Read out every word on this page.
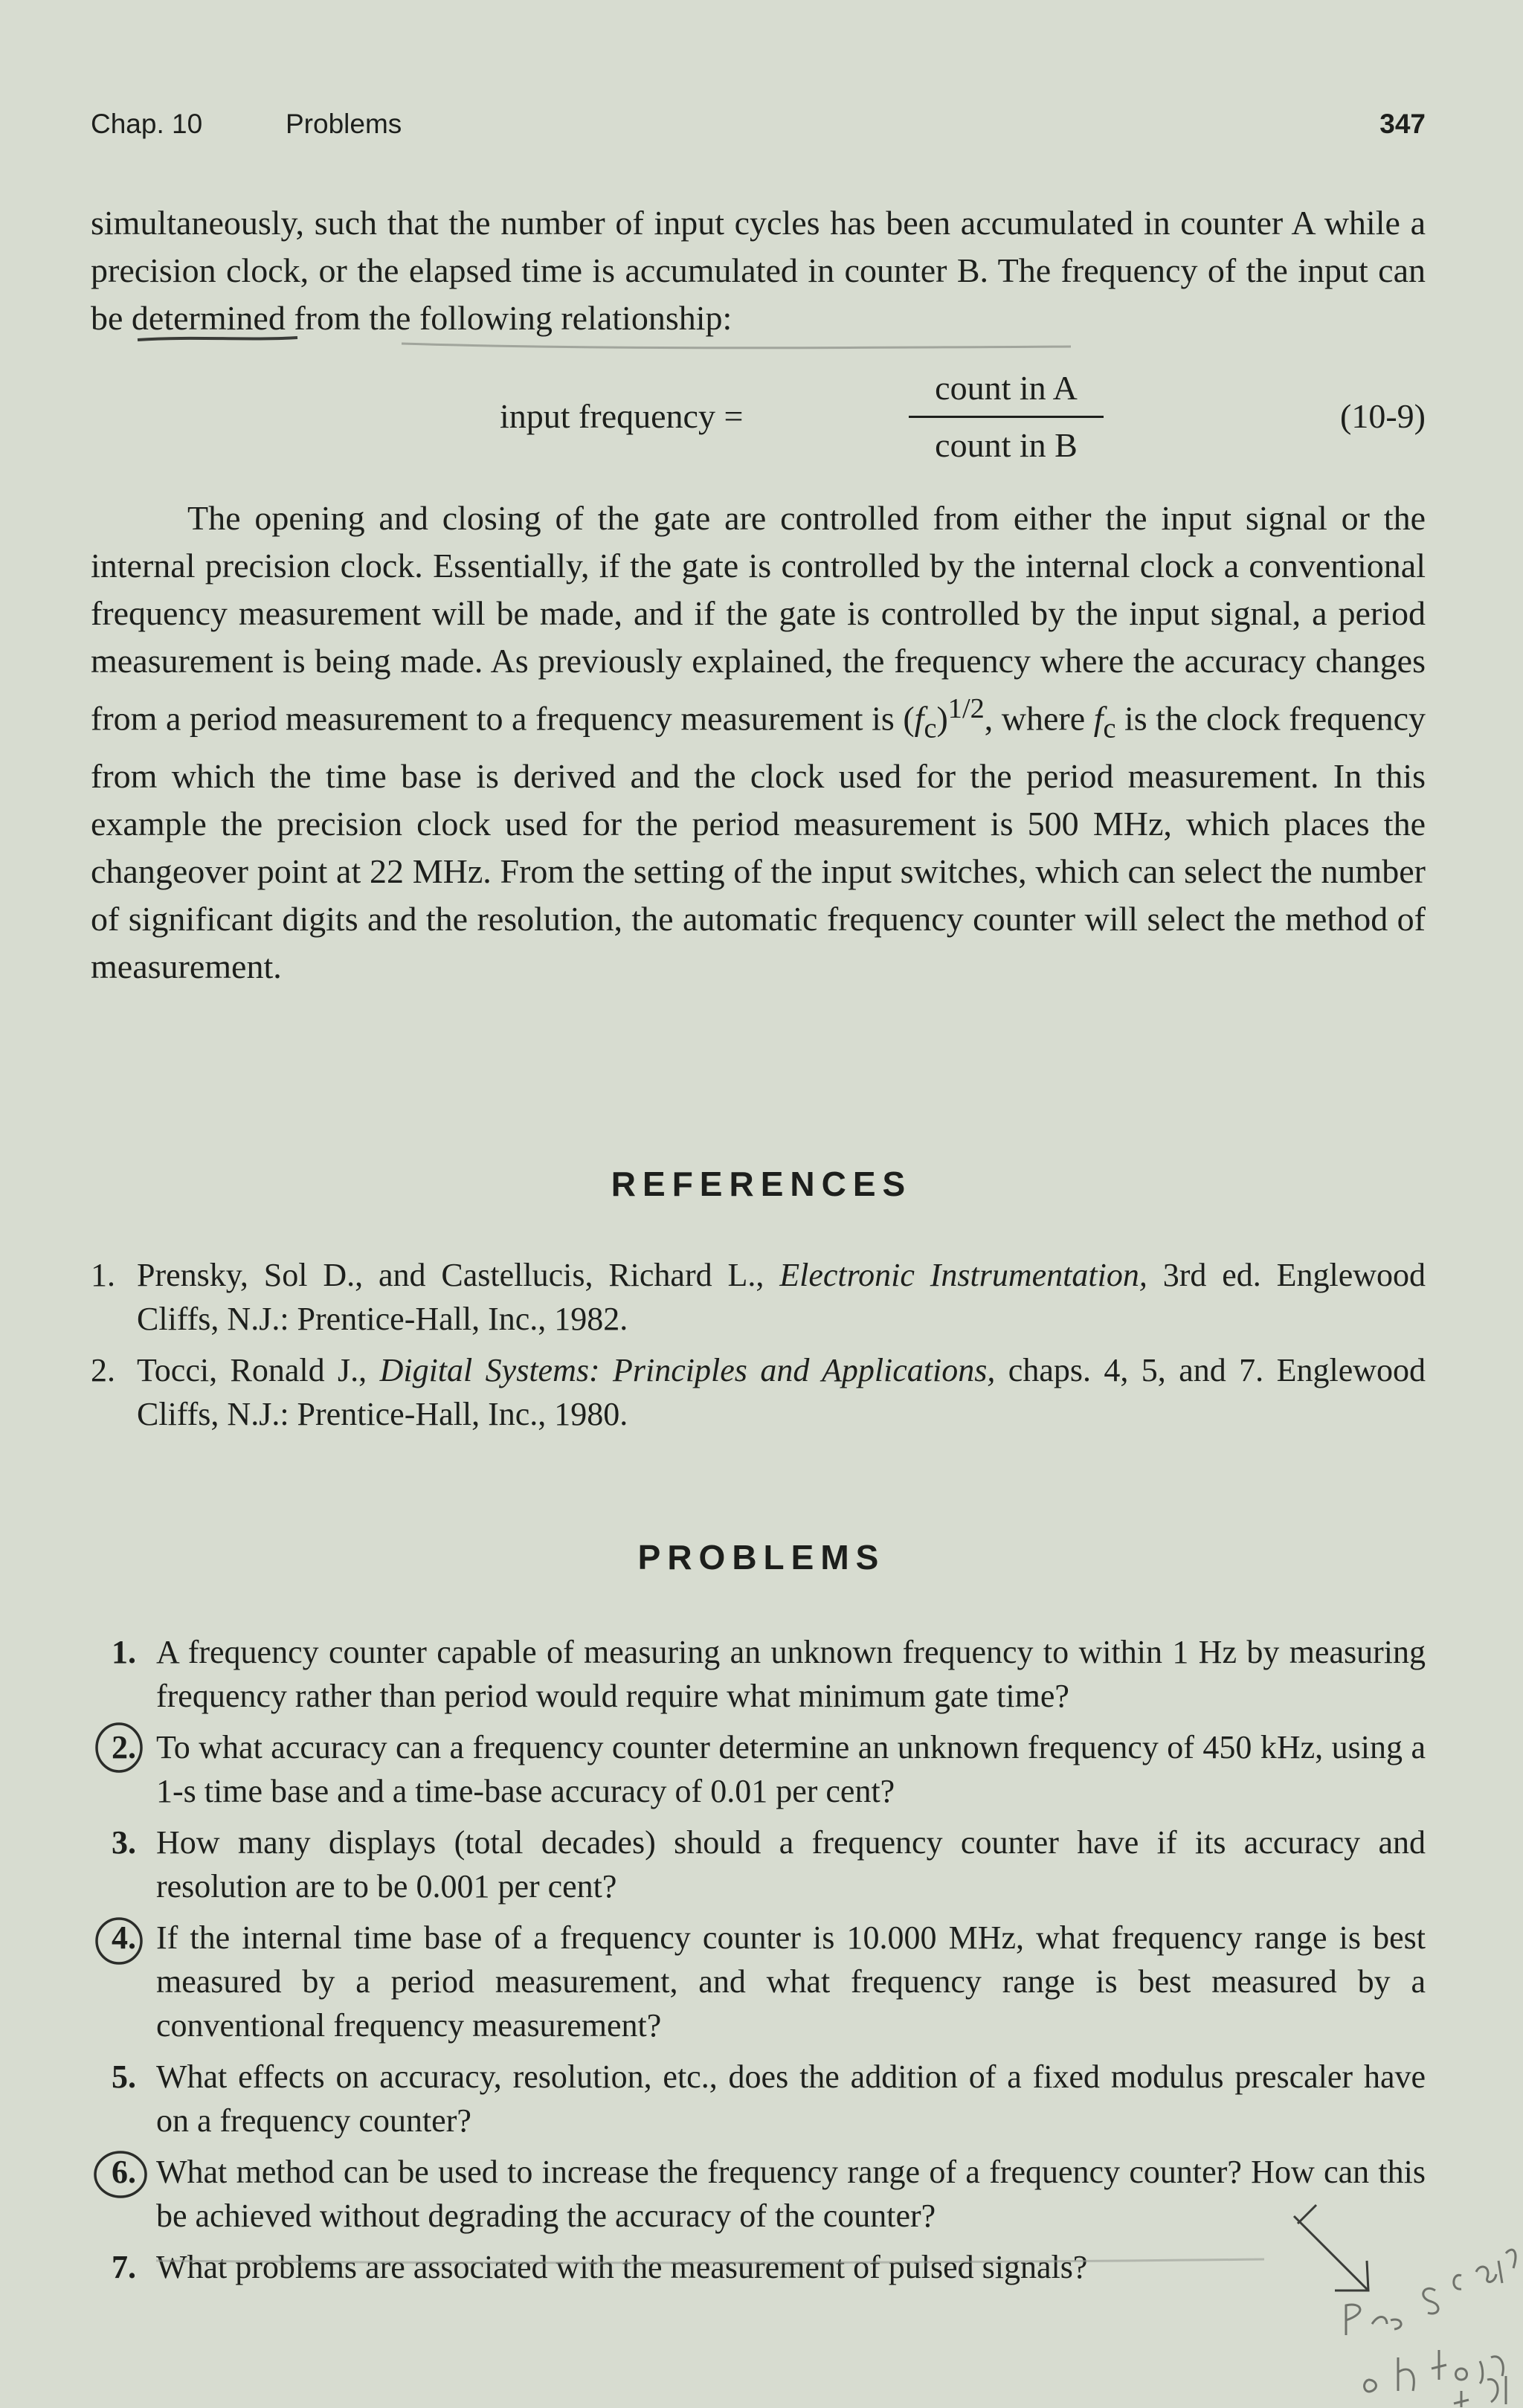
Chap. 10	Problems	347

simultaneously, such that the number of input cycles has been accumulated in counter A while a precision clock, or the elapsed time is accumulated in counter B. The frequency of the input can be determined from the following relationship:

input frequency =
count in A
count in B
(10-9)

The opening and closing of the gate are controlled from either the input signal or the internal precision clock. Essentially, if the gate is controlled by the internal clock a conventional frequency measurement will be made, and if the gate is controlled by the input signal, a period measurement is being made. As previously explained, the frequency where the accuracy changes from a period measurement to a frequency measurement is $(f_c)^{1/2}$, where $f_c$ is the clock frequency from which the time base is derived and the clock used for the period measurement. In this example the precision clock used for the period measurement is 500 MHz, which places the changeover point at 22 MHz. From the setting of the input switches, which can select the number of significant digits and the resolution, the automatic frequency counter will select the method of measurement.

REFERENCES
1. Prensky, Sol D., and Castellucis, Richard L., Electronic Instrumentation, 3rd ed. Englewood Cliffs, N.J.: Prentice-Hall, Inc., 1982.
2. Tocci, Ronald J., Digital Systems: Principles and Applications, chaps. 4, 5, and 7. Englewood Cliffs, N.J.: Prentice-Hall, Inc., 1980.
PROBLEMS
1. A frequency counter capable of measuring an unknown frequency to within 1 Hz by measuring frequency rather than period would require what minimum gate time?
2. To what accuracy can a frequency counter determine an unknown frequency of 450 kHz, using a 1-s time base and a time-base accuracy of 0.01 per cent?
3. How many displays (total decades) should a frequency counter have if its accuracy and resolution are to be 0.001 per cent?
4. If the internal time base of a frequency counter is 10.000 MHz, what frequency range is best measured by a period measurement, and what frequency range is best measured by a conventional frequency measurement?
5. What effects on accuracy, resolution, etc., does the addition of a fixed modulus prescaler have on a frequency counter?
6. What method can be used to increase the frequency range of a frequency counter? How can this be achieved without degrading the accuracy of the counter?
7. What problems are associated with the measurement of pulsed signals?
